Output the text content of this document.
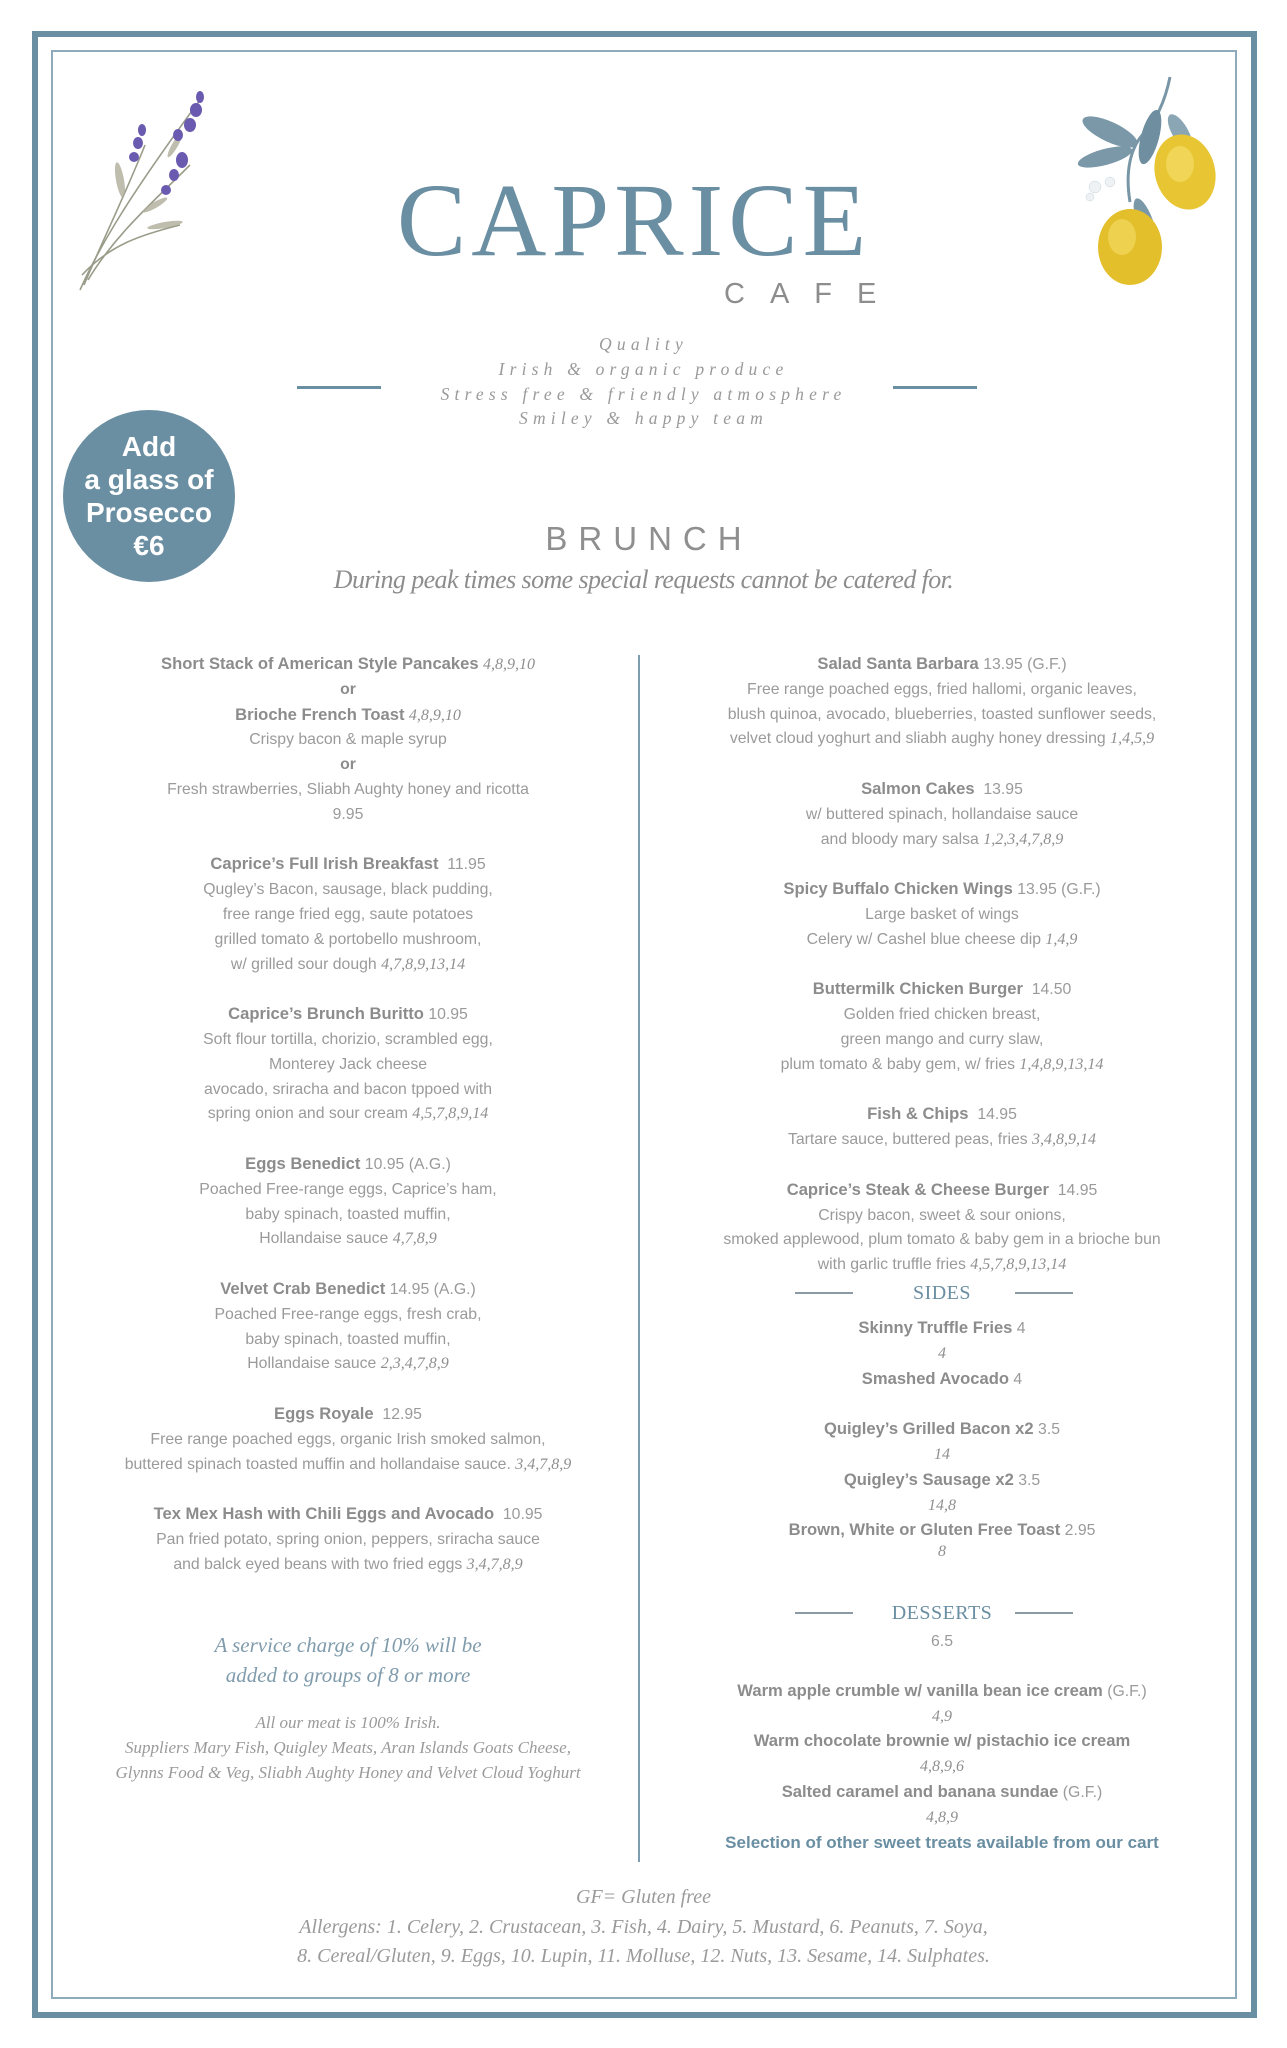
CAPRICE
CAFE
Quality
Irish & organic produce
Stress free & friendly atmosphere
Smiley & happy team
Add
a glass of
Prosecco
€6	BRUNCH
During peak times some special requests cannot be catered for.
Short Stack of American Style Pancakes 4,8,9,10
or
Brioche French Toast 4,8,9,10
Crispy bacon & maple syrup
or
Fresh strawberries, Sliabh Aughty honey and ricotta
9.95
Caprice’s Full Irish Breakfast 11.95
Qugley’s Bacon, sausage, black pudding,
free range fried egg, saute potatoes
grilled tomato & portobello mushroom,
w/ grilled sour dough 4,7,8,9,13,14
Caprice’s Brunch Buritto 10.95
Soft flour tortilla, chorizio, scrambled egg,
Monterey Jack cheese
avocado, sriracha and bacon tppoed with
spring onion and sour cream 4,5,7,8,9,14
Eggs Benedict 10.95 (A.G.)
Poached Free-range eggs, Caprice’s ham,
baby spinach, toasted muffin,
Hollandaise sauce 4,7,8,9
Velvet Crab Benedict 14.95 (A.G.)
Poached Free-range eggs, fresh crab,
baby spinach, toasted muffin,
Hollandaise sauce 2,3,4,7,8,9
Eggs Royale 12.95
Free range poached eggs, organic Irish smoked salmon,
buttered spinach toasted muffin and hollandaise sauce. 3,4,7,8,9
Tex Mex Hash with Chili Eggs and Avocado 10.95
Pan fried potato, spring onion, peppers, sriracha sauce
and balck eyed beans with two fried eggs 3,4,7,8,9
A service charge of 10% will be
added to groups of 8 or more
All our meat is 100% Irish.
Suppliers Mary Fish, Quigley Meats, Aran Islands Goats Cheese,
Glynns Food & Veg, Sliabh Aughty Honey and Velvet Cloud Yoghurt
Salad Santa Barbara 13.95 (G.F.)
Free range poached eggs, fried hallomi, organic leaves,
blush quinoa, avocado, blueberries, toasted sunflower seeds,
velvet cloud yoghurt and sliabh aughy honey dressing 1,4,5,9
Salmon Cakes 13.95
w/ buttered spinach, hollandaise sauce
and bloody mary salsa 1,2,3,4,7,8,9
Spicy Buffalo Chicken Wings 13.95 (G.F.)
Large basket of wings
Celery w/ Cashel blue cheese dip 1,4,9
Buttermilk Chicken Burger 14.50
Golden fried chicken breast,
green mango and curry slaw,
plum tomato & baby gem, w/ fries 1,4,8,9,13,14
Fish & Chips 14.95
Tartare sauce, buttered peas, fries 3,4,8,9,14
Caprice’s Steak & Cheese Burger 14.95
Crispy bacon, sweet & sour onions,
smoked applewood, plum tomato & baby gem in a brioche bun
with garlic truffle fries 4,5,7,8,9,13,14
SIDES
Skinny Truffle Fries 4
4
Smashed Avocado 4
Quigley’s Grilled Bacon x2 3.5
14
Quigley’s Sausage x2 3.5
14,8
Brown, White or Gluten Free Toast 2.95
8
DESSERTS
6.5
Warm apple crumble w/ vanilla bean ice cream (G.F.)
4,9
Warm chocolate brownie w/ pistachio ice cream
4,8,9,6
Salted caramel and banana sundae (G.F.)
4,8,9
Selection of other sweet treats available from our cart
GF= Gluten free
Allergens: 1. Celery, 2. Crustacean, 3. Fish, 4. Dairy, 5. Mustard, 6. Peanuts, 7. Soya,
8. Cereal/Gluten, 9. Eggs, 10. Lupin, 11. Molluse, 12. Nuts, 13. Sesame, 14. Sulphates.
